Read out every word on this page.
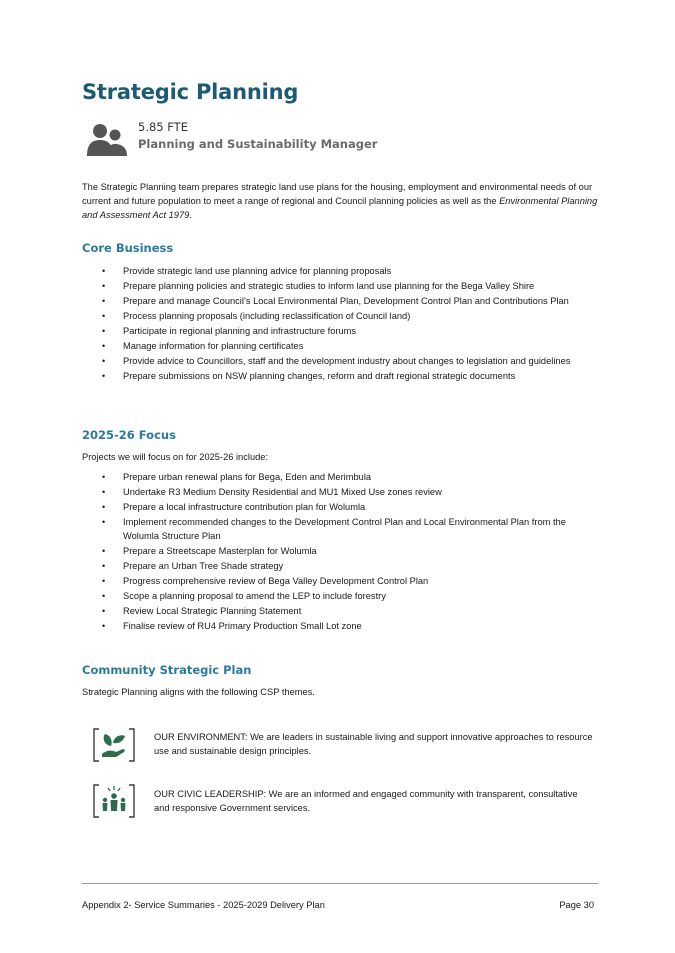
Strategic Planning
5.85 FTE
Planning and Sustainability Manager

The Strategic Planning team prepares strategic land use plans for the housing, employment and environmental needs of our current and future population to meet a range of regional and Council planning policies as well as the Environmental Planning and Assessment Act 1979.

Core Business
• Provide strategic land use planning advice for planning proposals
• Prepare planning policies and strategic studies to inform land use planning for the Bega Valley Shire
• Prepare and manage Council’s Local Environmental Plan, Development Control Plan and Contributions Plan
• Process planning proposals (including reclassification of Council land)
• Participate in regional planning and infrastructure forums
• Manage information for planning certificates
• Provide advice to Councillors, staff and the development industry about changes to legislation and guidelines
• Prepare submissions on NSW planning changes, reform and draft regional strategic documents
2025-26 Focus

Projects we will focus on for 2025-26 include:

• Prepare urban renewal plans for Bega, Eden and Merimbula
• Undertake R3 Medium Density Residential and MU1 Mixed Use zones review
• Prepare a local infrastructure contribution plan for Wolumla
• Implement recommended changes to the Development Control Plan and Local Environmental Plan from the Wolumla Structure Plan
• Prepare a Streetscape Masterplan for Wolumla
• Prepare an Urban Tree Shade strategy
• Progress comprehensive review of Bega Valley Development Control Plan
• Scope a planning proposal to amend the LEP to include forestry
• Review Local Strategic Planning Statement
• Finalise review of RU4 Primary Production Small Lot zone
Community Strategic Plan

Strategic Planning aligns with the following CSP themes.

OUR ENVIRONMENT: We are leaders in sustainable living and support innovative approaches to resource use and sustainable design principles.

OUR CIVIC LEADERSHIP: We are an informed and engaged community with transparent, consultative and responsive Government services.

Appendix 2- Service Summaries - 2025-2029 Delivery Plan	Page 30
